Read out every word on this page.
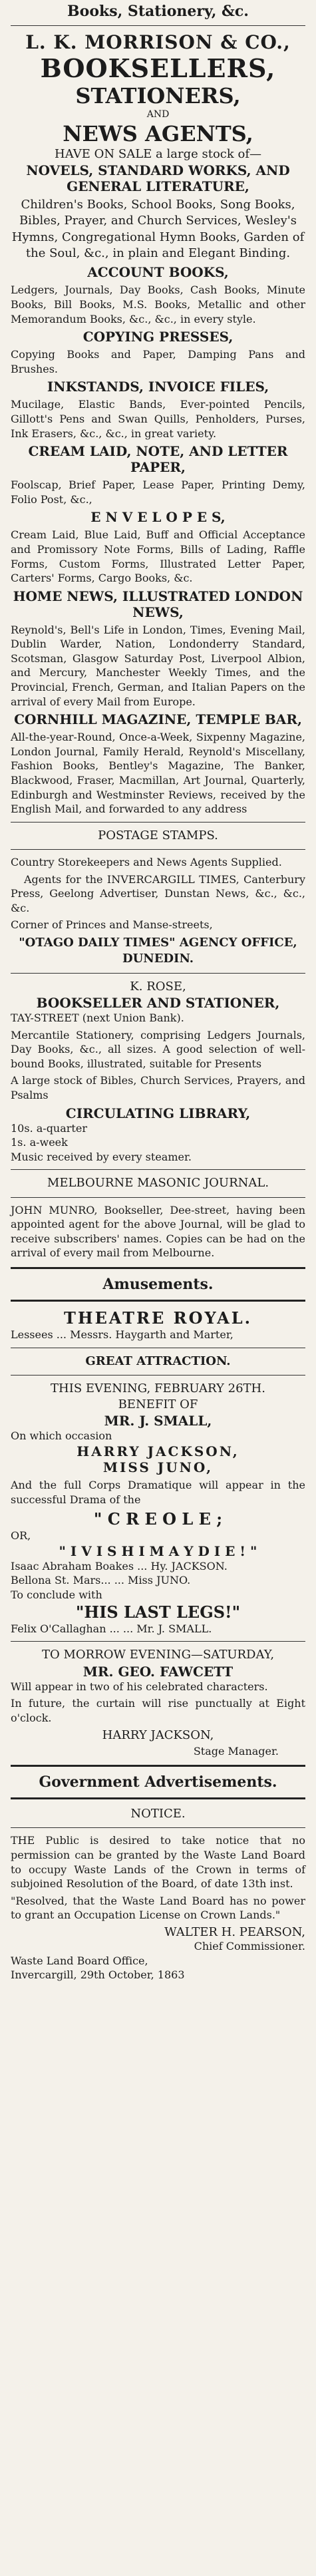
Books, Stationery, &c.
L. K. MORRISON & CO.,
BOOKSELLERS,
STATIONERS,
AND
NEWS AGENTS,
HAVE ON SALE a large stock of—
NOVELS, STANDARD WORKS, AND GENERAL LITERATURE,

Children's Books, School Books, Song Books, Bibles, Prayer, and Church Services, Wesley's Hymns, Congregational Hymn Books, Garden of the Soul, &c., in plain and Elegant Binding.

ACCOUNT BOOKS,

Ledgers, Journals, Day Books, Cash Books, Minute Books, Bill Books, M.S. Books, Metallic and other Memorandum Books, &c., &c., in every style.

COPYING PRESSES,

Copying Books and Paper, Damping Pans and Brushes.

INKSTANDS, INVOICE FILES,

Mucilage, Elastic Bands, Ever-pointed Pencils, Gillott's Pens and Swan Quills, Penholders, Purses, Ink Erasers, &c., &c., in great variety.

CREAM LAID, NOTE, AND LETTER PAPER,

Foolscap, Brief Paper, Lease Paper, Printing Demy, Folio Post, &c.,

E N V E L O P E S,

Cream Laid, Blue Laid, Buff and Official Acceptance and Promissory Note Forms, Bills of Lading, Raffle Forms, Custom Forms, Illustrated Letter Paper, Carters' Forms, Cargo Books, &c.

HOME NEWS, ILLUSTRATED LONDON NEWS,

Reynold's, Bell's Life in London, Times, Evening Mail, Dublin Warder, Nation, Londonderry Standard, Scotsman, Glasgow Saturday Post, Liverpool Albion, and Mercury, Manchester Weekly Times, and the Provincial, French, German, and Italian Papers on the arrival of every Mail from Europe.

CORNHILL MAGAZINE, TEMPLE BAR,

All-the-year-Round, Once-a-Week, Sixpenny Magazine, London Journal, Family Herald, Reynold's Miscellany, Fashion Books, Bentley's Magazine, The Banker, Blackwood, Fraser, Macmillan, Art Journal, Quarterly, Edinburgh and Westminster Reviews, received by the English Mail, and forwarded to any address

POSTAGE STAMPS.

Country Storekeepers and News Agents Supplied.

Agents for the INVERCARGILL TIMES, Canterbury Press, Geelong Advertiser, Dunstan News, &c., &c., &c.

Corner of Princes and Manse-streets,

"OTAGO DAILY TIMES" AGENCY OFFICE, DUNEDIN.

K. ROSE,
BOOKSELLER AND STATIONER,
TAY-STREET (next Union Bank).

Mercantile Stationery, comprising Ledgers Journals, Day Books, &c., all sizes. A good selection of well-bound Books, illustrated, suitable for Presents

A large stock of Bibles, Church Services, Prayers, and Psalms

CIRCULATING LIBRARY,
10s. a-quarter
1s. a-week
Music received by every steamer.
MELBOURNE MASONIC JOURNAL.

JOHN MUNRO, Bookseller, Dee-street, having been appointed agent for the above Journal, will be glad to receive subscribers' names. Copies can be had on the arrival of every mail from Melbourne.

Amusements.
THEATRE ROYAL.
Lessees ... Messrs. Haygarth and Marter,
GREAT ATTRACTION.
THIS EVENING, FEBRUARY 26TH.
BENEFIT OF
MR. J. SMALL,
On which occasion
HARRY JACKSON,
MISS JUNO,

And the full Corps Dramatique will appear in the successful Drama of the

" C R E O L E ;
OR,
" I V I S H I M A Y D I E ! "
Isaac Abraham Boakes ... Hy. JACKSON.
Bellona St. Mars... ... Miss JUNO.
To conclude with
"HIS LAST LEGS!"
Felix O'Callaghan ... ... Mr. J. SMALL.
TO MORROW EVENING—SATURDAY,
MR. GEO. FAWCETT
Will appear in two of his celebrated characters.

In future, the curtain will rise punctually at Eight o'clock.

HARRY JACKSON,
Stage Manager.
Government Advertisements.
NOTICE.

THE Public is desired to take notice that no permission can be granted by the Waste Land Board to occupy Waste Lands of the Crown in terms of subjoined Resolution of the Board, of date 13th inst.

"Resolved, that the Waste Land Board has no power to grant an Occupation License on Crown Lands."

WALTER H. PEARSON,
Chief Commissioner.
Waste Land Board Office,
Invercargill, 29th October, 1863
